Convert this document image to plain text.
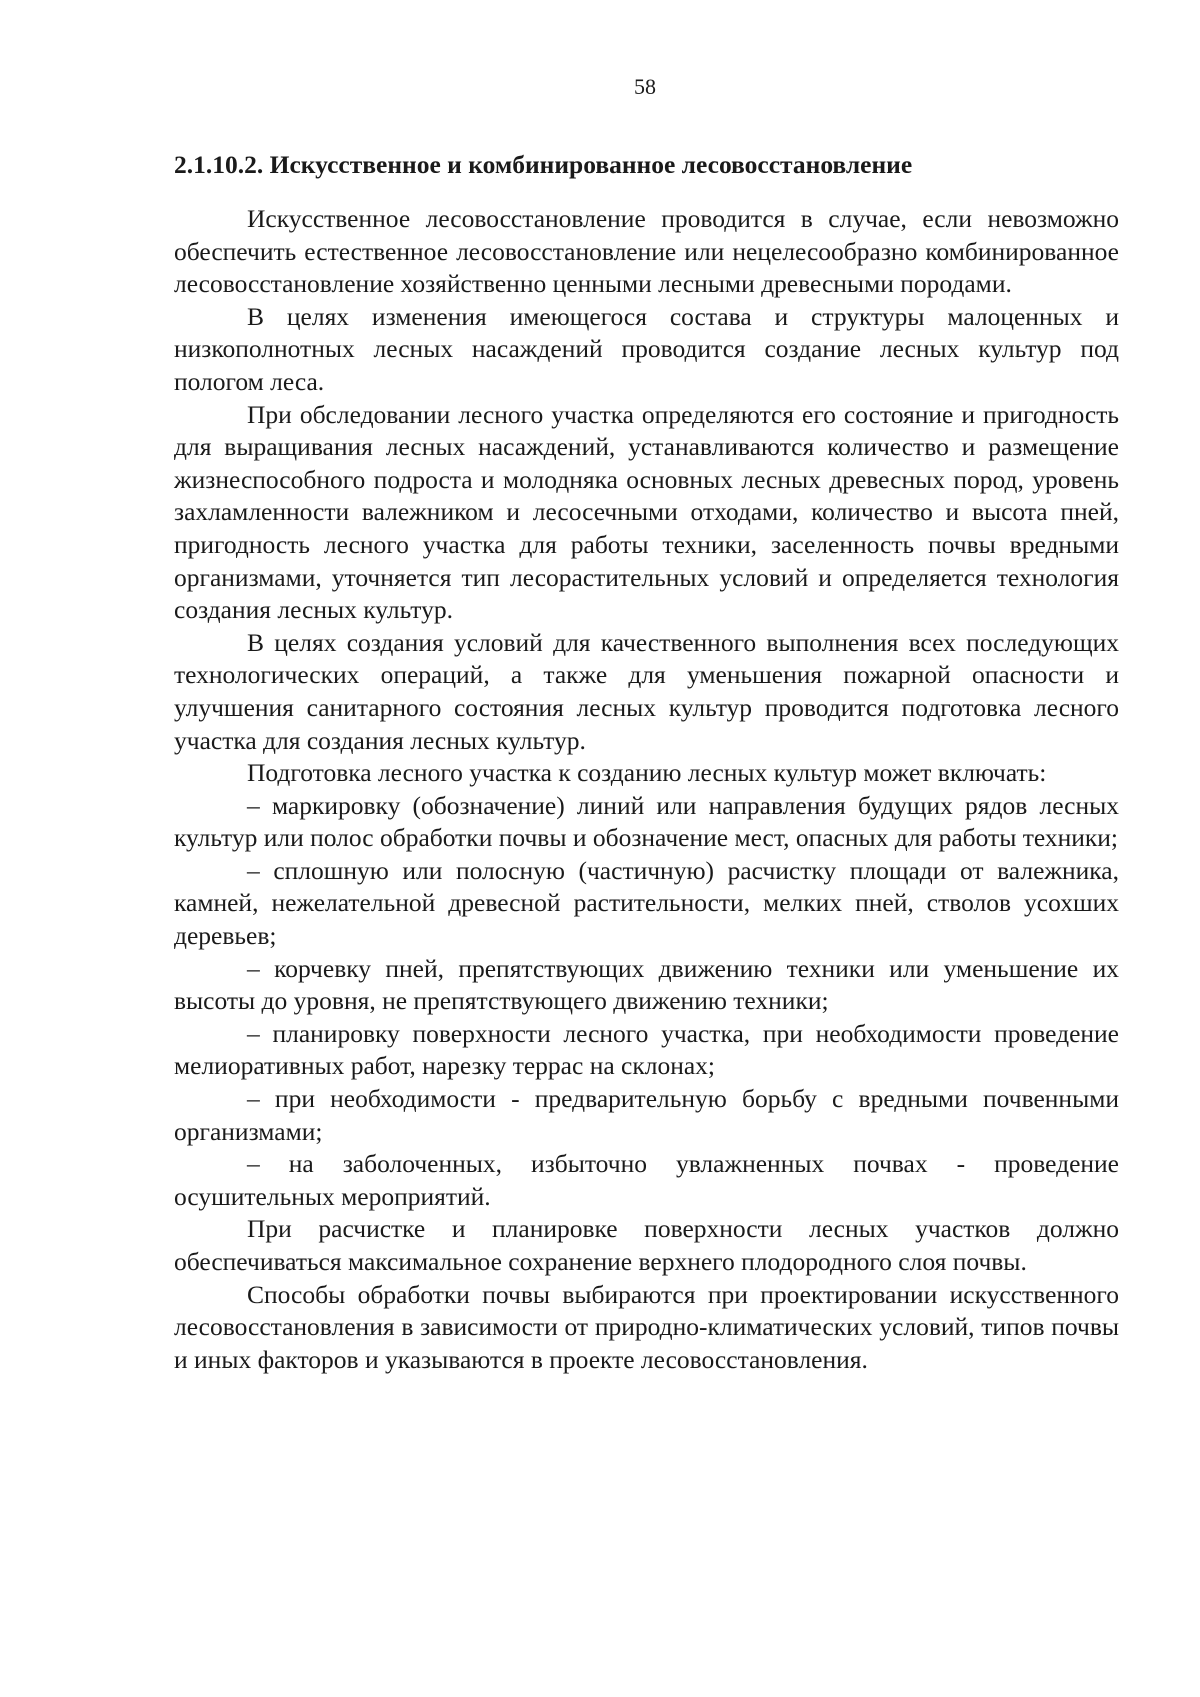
58
2.1.10.2. Искусственное и комбинированное лесовосстановление

Искусственное лесовосстановление проводится в случае, если невозможно обеспечить естественное лесовосстановление или нецелесообразно комбинированное лесовосстановление хозяйственно ценными лесными древесными породами.

В целях изменения имеющегося состава и структуры малоценных и низкополнотных лесных насаждений проводится создание лесных культур под пологом леса.

При обследовании лесного участка определяются его состояние и пригодность для выращивания лесных насаждений, устанавливаются количество и размещение жизнеспособного подроста и молодняка основных лесных древесных пород, уровень захламленности валежником и лесосечными отходами, количество и высота пней, пригодность лесного участка для работы техники, заселенность почвы вредными организмами, уточняется тип лесорастительных условий и определяется технология создания лесных культур.

В целях создания условий для качественного выполнения всех последующих технологических операций, а также для уменьшения пожарной опасности и улучшения санитарного состояния лесных культур проводится подготовка лесного участка для создания лесных культур.

Подготовка лесного участка к созданию лесных культур может включать:

– маркировку (обозначение) линий или направления будущих рядов лесных культур или полос обработки почвы и обозначение мест, опасных для работы техники;

– сплошную или полосную (частичную) расчистку площади от валежника, камней, нежелательной древесной растительности, мелких пней, стволов усохших деревьев;

– корчевку пней, препятствующих движению техники или уменьшение их высоты до уровня, не препятствующего движению техники;

– планировку поверхности лесного участка, при необходимости проведение мелиоративных работ, нарезку террас на склонах;

– при необходимости - предварительную борьбу с вредными почвенными организмами;

– на заболоченных, избыточно увлажненных почвах - проведение осушительных мероприятий.

При расчистке и планировке поверхности лесных участков должно обеспечиваться максимальное сохранение верхнего плодородного слоя почвы.

Способы обработки почвы выбираются при проектировании искусственного лесовосстановления в зависимости от природно-климатических условий, типов почвы и иных факторов и указываются в проекте лесовосстановления.
